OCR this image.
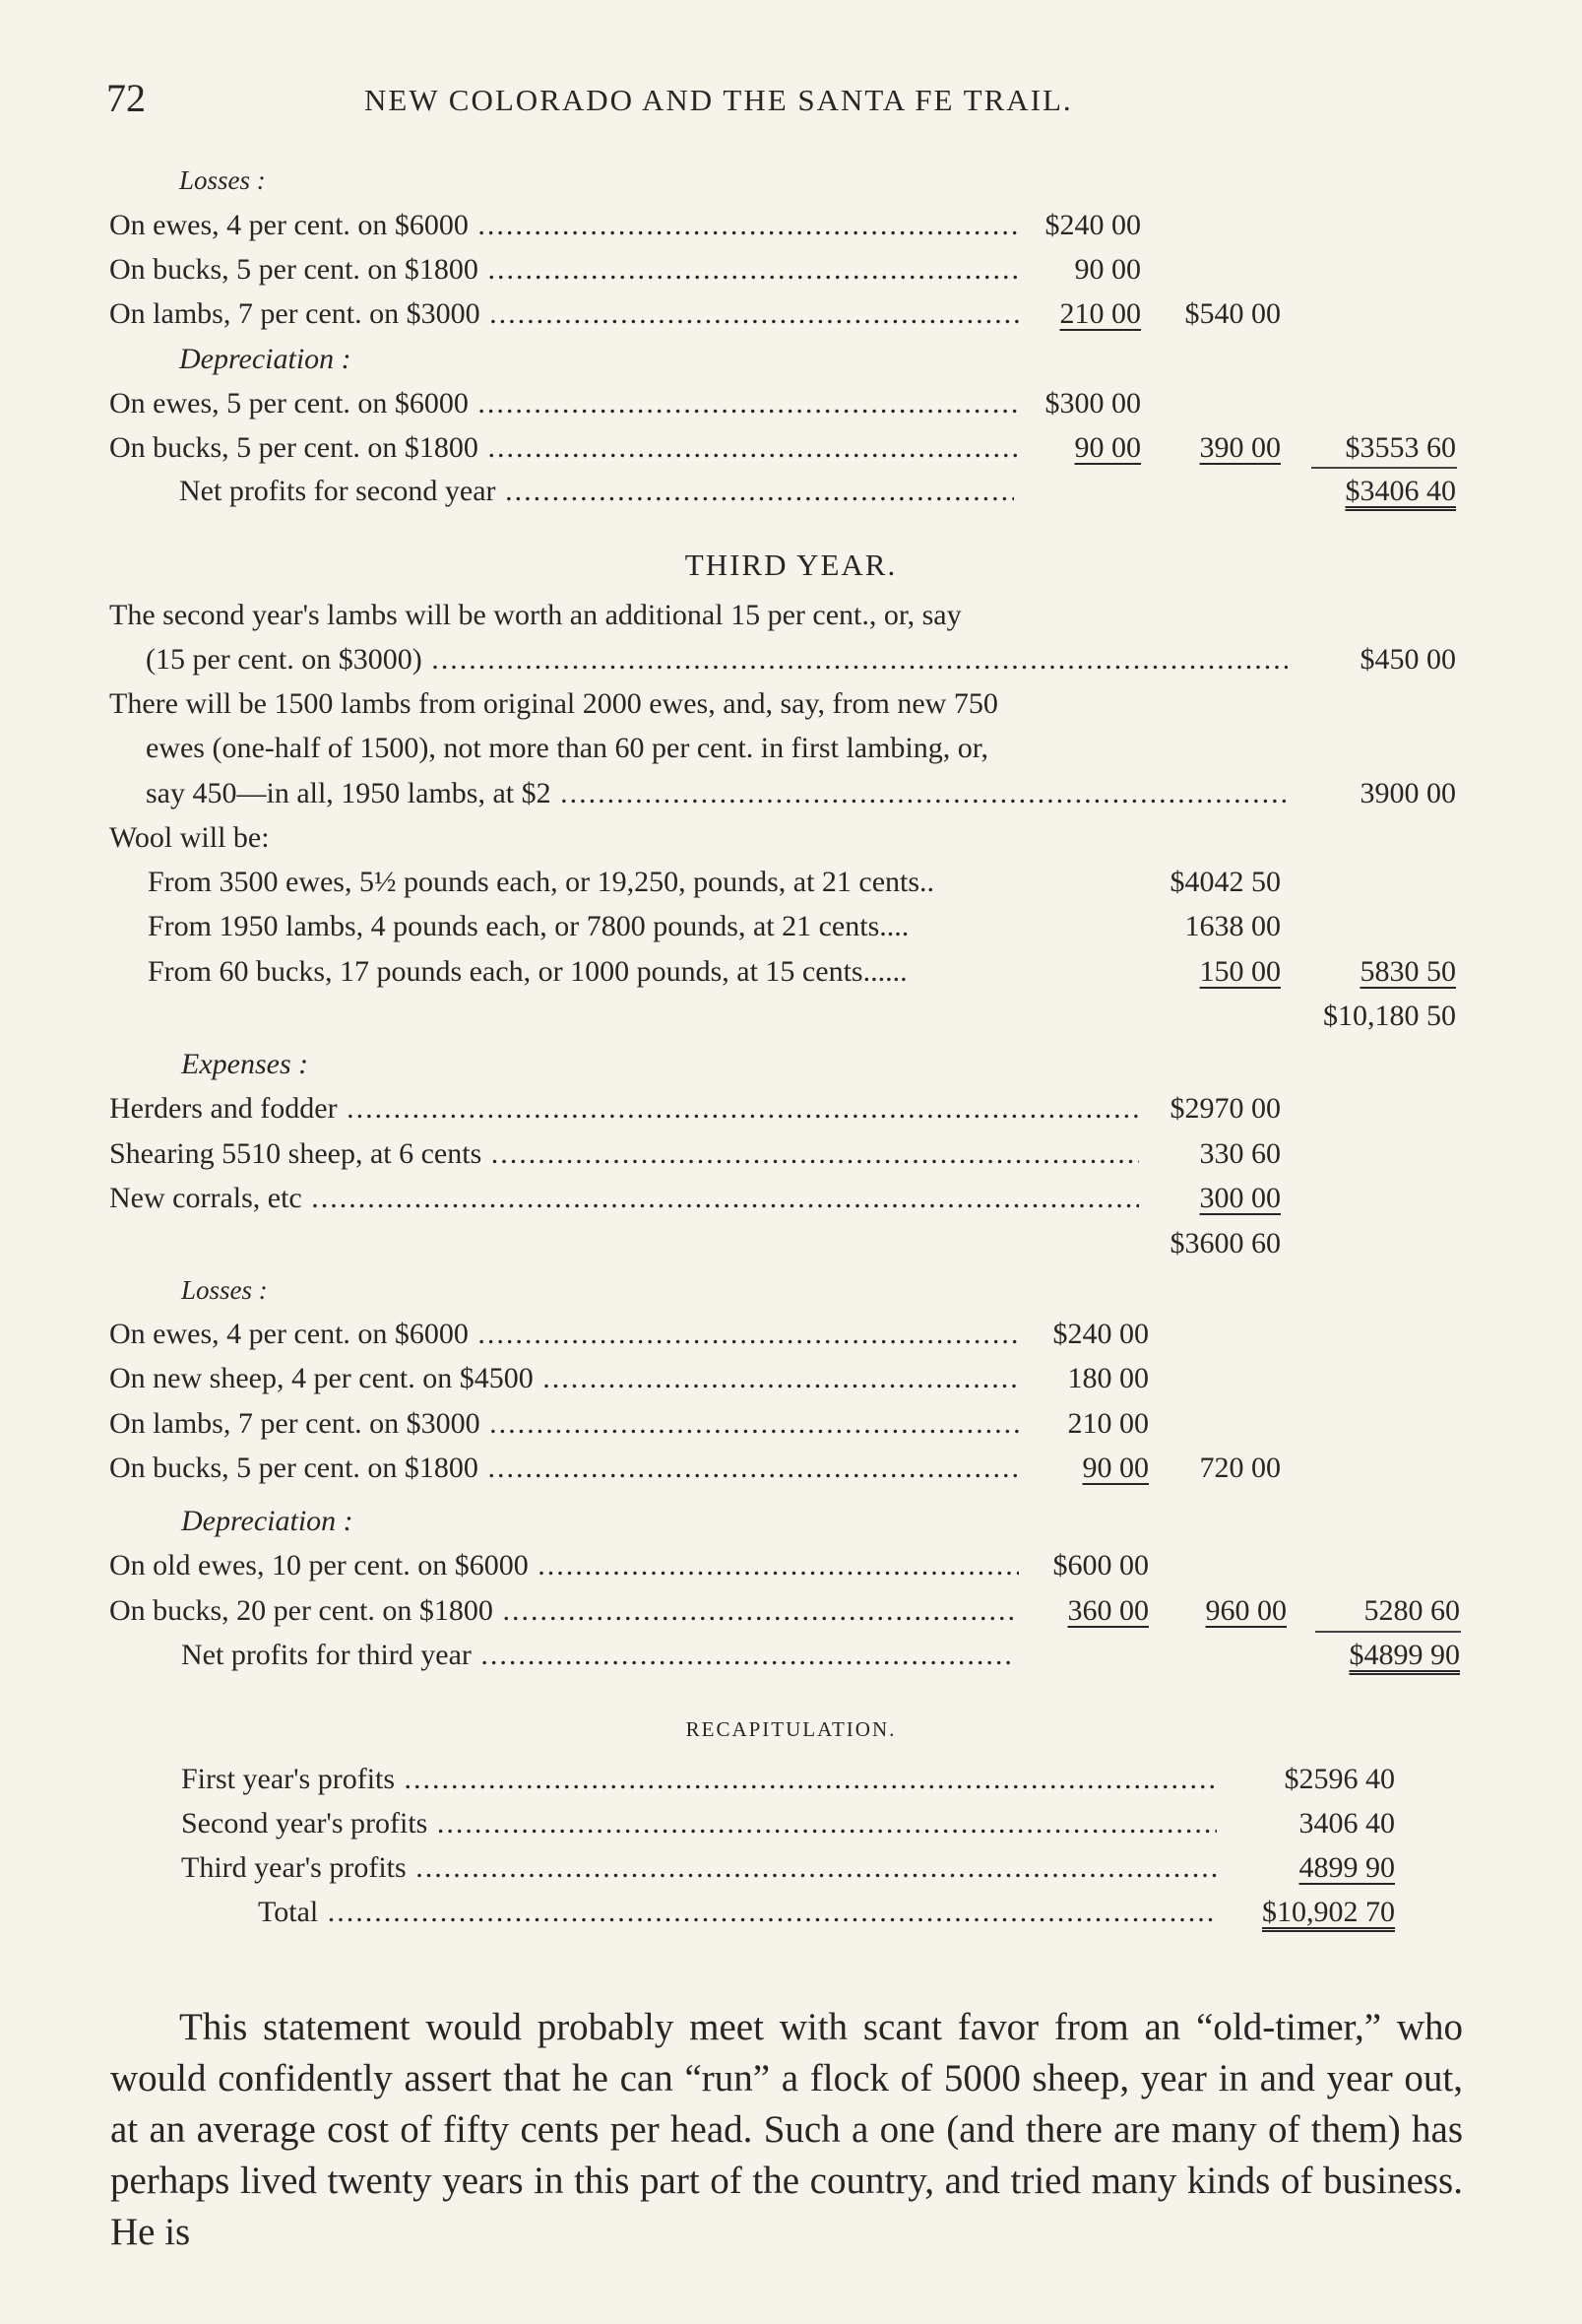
72	NEW COLORADO AND THE SANTA FE TRAIL.
Losses :
On ewes, 4 per cent. on $6000 .....	$240 00
On bucks, 5 per cent. on $1800 .....	90 00
On lambs, 7 per cent. on $3000 .....	210 00	$540 00
Depreciation :
On ewes, 5 per cent. on $6000 .....	$300 00
On bucks, 5 per cent. on $1800 .....	90 00	390 00	$3553 60
Net profits for second year .....	$3406 40
THIRD YEAR.
The second year's lambs will be worth an additional 15 per cent., or, say
(15 per cent. on $3000) .....	$450 00
There will be 1500 lambs from original 2000 ewes, and, say, from new 750
ewes (one-half of 1500), not more than 60 per cent. in first lambing, or,
say 450—in all, 1950 lambs, at $2 .....	3900 00
Wool will be:
From 3500 ewes, 5½ pounds each, or 19,250, pounds, at 21 cents..	$4042 50
From 1950 lambs, 4 pounds each, or 7800 pounds, at 21 cents....	1638 00
From 60 bucks, 17 pounds each, or 1000 pounds, at 15 cents......	150 00	5830 50
$10,180 50
Expenses :
Herders and fodder .....	$2970 00
Shearing 5510 sheep, at 6 cents .....	330 60
New corrals, etc .....	300 00
$3600 60
Losses :
On ewes, 4 per cent. on $6000 .....	$240 00
On new sheep, 4 per cent. on $4500 .....	180 00
On lambs, 7 per cent. on $3000 .....	210 00
On bucks, 5 per cent. on $1800 .....	90 00	720 00
Depreciation :
On old ewes, 10 per cent. on $6000 .....	$600 00
On bucks, 20 per cent. on $1800 .....	360 00	960 00	5280 60
Net profits for third year .....	$4899 90
RECAPITULATION.
First year's profits .....	$2596 40
Second year's profits .....	3406 40
Third year's profits .....	4899 90
Total .....	$10,902 70

This statement would probably meet with scant favor from an “old-timer,” who would confidently assert that he can “run” a flock of 5000 sheep, year in and year out, at an average cost of fifty cents per head. Such a one (and there are many of them) has perhaps lived twenty years in this part of the country, and tried many kinds of business. He is
